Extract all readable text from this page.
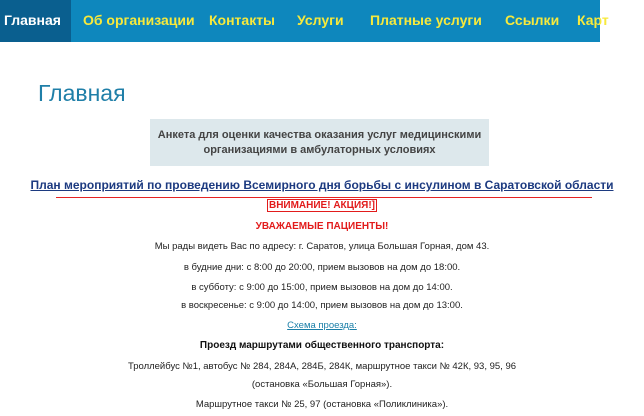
Главная	Об организации Контакты Услуги Платные услуги Ссылки Карт
Главная
Анкета для оценки качества оказания услуг медицинскими
организациями в амбулаторных условиях
План мероприятий по проведению Всемирного дня борьбы с инсулином в Саратовской области
ВНИМАНИЕ! АКЦИЯ!]
УВАЖАЕМЫЕ ПАЦИЕНТЫ!
Мы рады видеть Вас по адресу: г. Саратов, улица Большая Горная, дом 43.
в будние дни: с 8:00 до 20:00, прием вызовов на дом до 18:00.
в субботу: с 9:00 до 15:00, прием вызовов на дом до 14:00.
в воскресенье: с 9:00 до 14:00, прием вызовов на дом до 13:00.
Схема проезда:
Проезд маршрутами общественного транспорта:
Троллейбус №1, автобус № 284, 284А, 284Б, 284К, маршрутное такси № 42К, 93, 95, 96
(остановка «Большая Горная»).
Маршрутное такси № 25, 97 (остановка «Поликлиника»).
